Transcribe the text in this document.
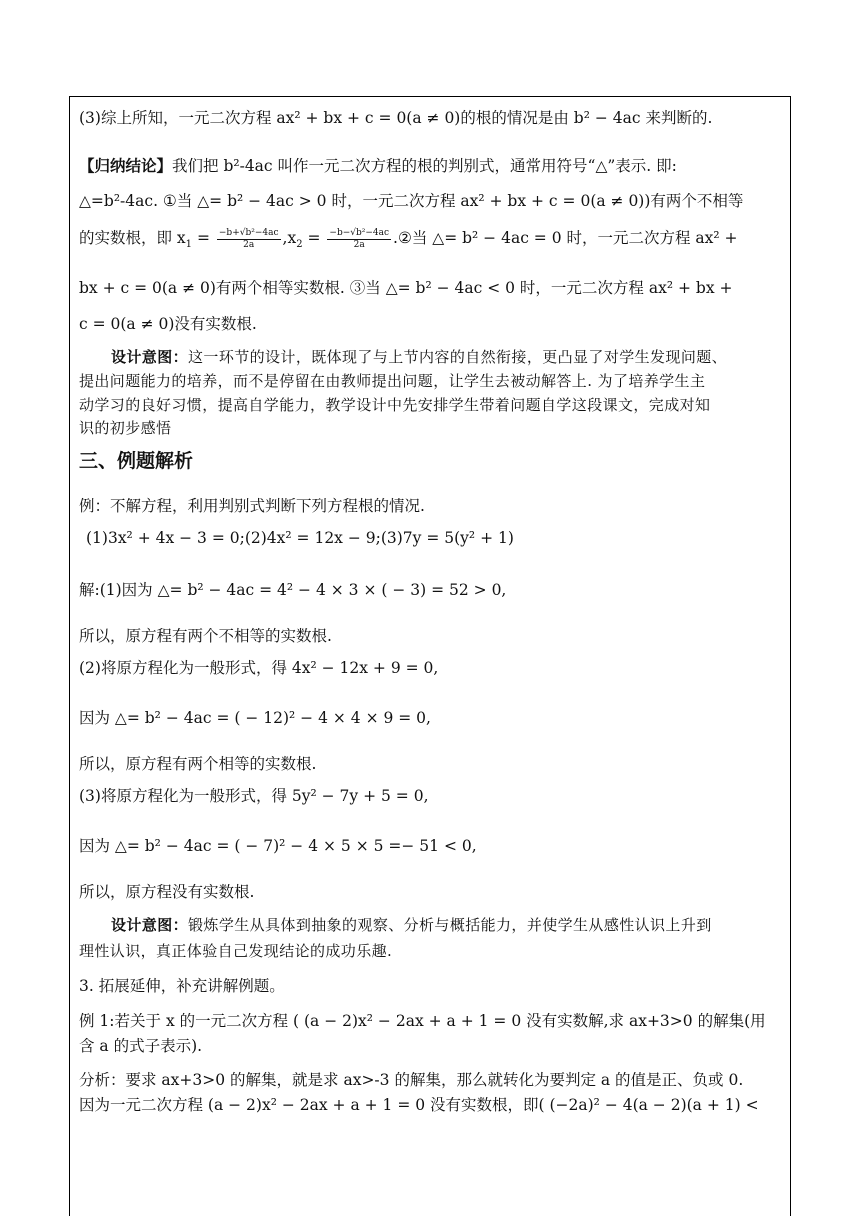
(3)综上所知，一元二次方程 ax² + bx + c = 0(a ≠ 0)的根的情况是由 b² − 4ac 来判断的.
【归纳结论】我们把 b²-4ac 叫作一元二次方程的根的判别式，通常用符号“△”表示. 即:
△=b²-4ac. ①当 △= b² − 4ac > 0 时，一元二次方程 ax² + bx + c = 0(a ≠ 0))有两个不相等
的实数根，即 $x_1 = \frac{\text{−b+√b²−4ac}}{2a} ,x_2 = \frac{\text{−b−√b²−4ac}}{2a}$ .②当 △= b² − 4ac = 0 时，一元二次方程 ax² +
bx + c = 0(a ≠ 0)有两个相等实数根. ③当 △= b² − 4ac < 0 时，一元二次方程 ax² + bx +
c = 0(a ≠ 0)没有实数根.
设计意图：这一环节的设计，既体现了与上节内容的自然衔接，更凸显了对学生发现问题、
提出问题能力的培养，而不是停留在由教师提出问题，让学生去被动解答上. 为了培养学生主
动学习的良好习惯，提高自学能力，教学设计中先安排学生带着问题自学这段课文，完成对知
识的初步感悟
三、例题解析
例：不解方程，利用判别式判断下列方程根的情况.
(1)3x² + 4x − 3 = 0;(2)4x² = 12x − 9;(3)7y = 5(y² + 1)
解:(1)因为 △= b² − 4ac = 4² − 4 × 3 × ( − 3) = 52 > 0,
所以，原方程有两个不相等的实数根.
(2)将原方程化为一般形式，得 4x² − 12x + 9 = 0,
因为 △= b² − 4ac = ( − 12)² − 4 × 4 × 9 = 0,
所以，原方程有两个相等的实数根.
(3)将原方程化为一般形式，得 5y² − 7y + 5 = 0,
因为 △= b² − 4ac = ( − 7)² − 4 × 5 × 5 =− 51 < 0,
所以，原方程没有实数根.
设计意图：锻炼学生从具体到抽象的观察、分析与概括能力，并使学生从感性认识上升到
理性认识，真正体验自己发现结论的成功乐趣.
3. 拓展延伸，补充讲解例题。
例 1:若关于 x 的一元二次方程 ( (a − 2)x² − 2ax + a + 1 = 0 没有实数解,求 ax+3>0 的解集(用
含 a 的式子表示).
分析：要求 ax+3>0 的解集，就是求 ax>-3 的解集，那么就转化为要判定 a 的值是正、负或 0.
因为一元二次方程 (a − 2)x² − 2ax + a + 1 = 0 没有实数根，即( (−2a)² − 4(a − 2)(a + 1) <
